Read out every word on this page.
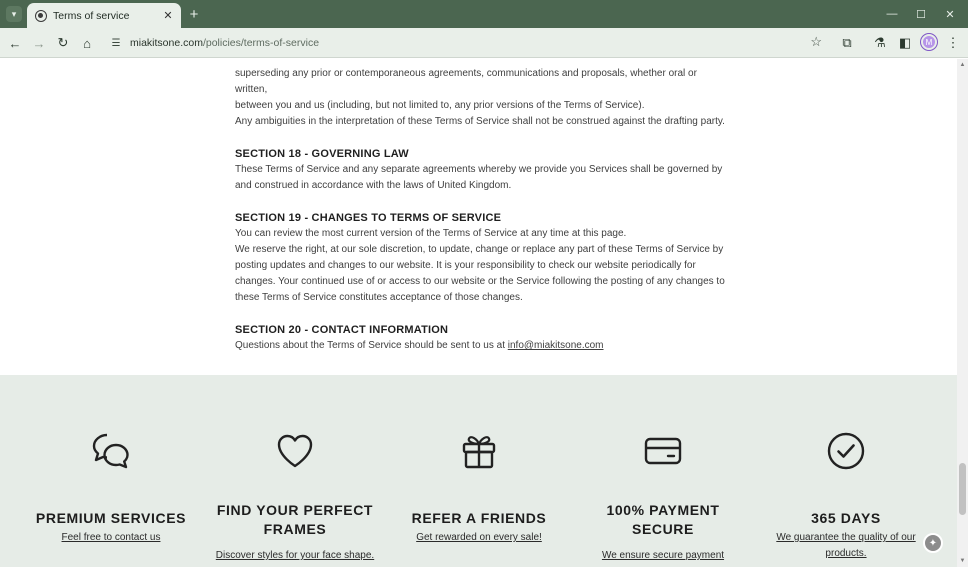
▾	Terms of service	✕ +	—	☐	✕
← → ↻	⌂	☰ miakitsone.com/policies/terms-of-service	☆	⧉	⚗ ◧	⋮
M

superseding any prior or contemporaneous agreements, communications and proposals, whether oral or written,

between you and us (including, but not limited to, any prior versions of the Terms of Service).

Any ambiguities in the interpretation of these Terms of Service shall not be construed against the drafting party.

SECTION 18 - GOVERNING LAW

These Terms of Service and any separate agreements whereby we provide you Services shall be governed by and construed in accordance with the laws of United Kingdom.

SECTION 19 - CHANGES TO TERMS OF SERVICE

You can review the most current version of the Terms of Service at any time at this page.

We reserve the right, at our sole discretion, to update, change or replace any part of these Terms of Service by posting updates and changes to our website. It is your responsibility to check our website periodically for changes. Your continued use of or access to our website or the Service following the posting of any changes to these Terms of Service constitutes acceptance of those changes.

SECTION 20 - CONTACT INFORMATION

Questions about the Terms of Service should be sent to us at info@miakitsone.com

PREMIUM SERVICES
Feel free to contact us
FIND YOUR PERFECT FRAMES
Discover styles for your face shape.
REFER A FRIENDS
Get rewarded on every sale!
100% PAYMENT SECURE
We ensure secure payment
365 DAYS
We guarantee the quality of our products.
▲
▼
✦
